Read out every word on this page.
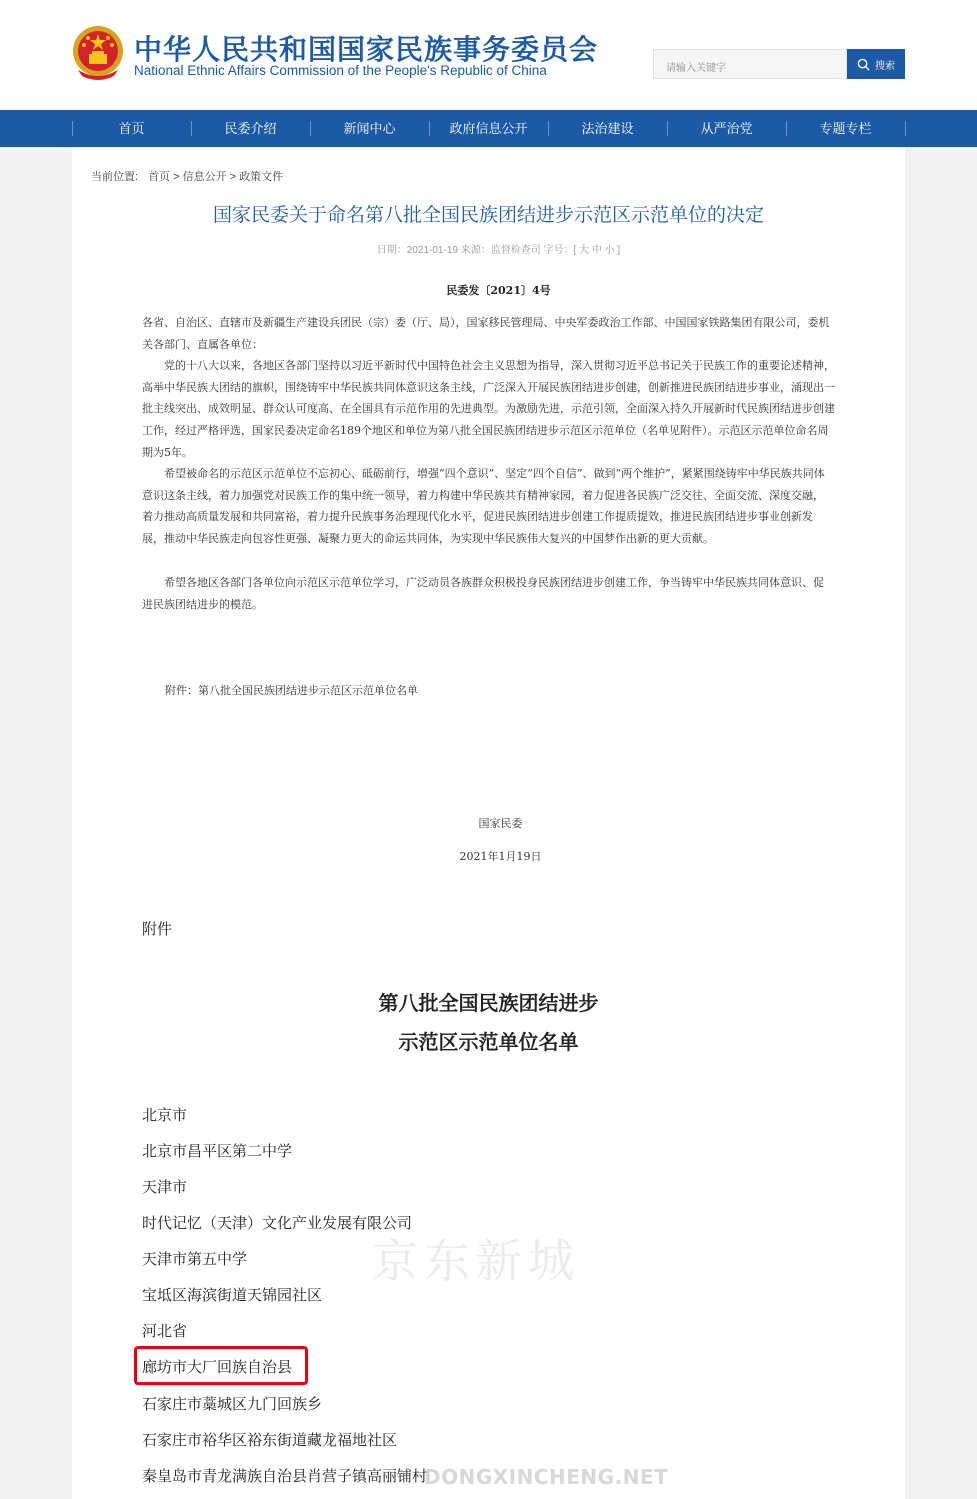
中华人民共和国国家民族事务委员会
National Ethnic Affairs Commission of the People's Republic of China	请输入关键字	搜索
首页	民委介绍	新闻中心	政府信息公开	法治建设	从严治党	专题专栏
当前位置: 首页 > 信息公开 > 政策文件
国家民委关于命名第八批全国民族团结进步示范区示范单位的决定
日期：2021-01-19 来源：监督检查司 字号：[ 大 中 小 ]
民委发〔2021〕4号
各省、自治区、直辖市及新疆生产建设兵团民（宗）委（厅、局），国家移民管理局、中央军委政治工作部、中国国家铁路集团有限公司，委机关各部门、直属各单位：
党的十八大以来，各地区各部门坚持以习近平新时代中国特色社会主义思想为指导，深入贯彻习近平总书记关于民族工作的重要论述精神，高举中华民族大团结的旗帜，围绕铸牢中华民族共同体意识这条主线，广泛深入开展民族团结进步创建，创新推进民族团结进步事业，涌现出一批主线突出、成效明显、群众认可度高、在全国具有示范作用的先进典型。为激励先进，示范引领，全面深入持久开展新时代民族团结进步创建工作，经过严格评选，国家民委决定命名189个地区和单位为第八批全国民族团结进步示范区示范单位（名单见附件）。示范区示范单位命名周期为5年。
希望被命名的示范区示范单位不忘初心、砥砺前行，增强“四个意识”、坚定“四个自信”、做到“两个维护”，紧紧围绕铸牢中华民族共同体意识这条主线，着力加强党对民族工作的集中统一领导，着力构建中华民族共有精神家园，着力促进各民族广泛交往、全面交流、深度交融，着力推动高质量发展和共同富裕，着力提升民族事务治理现代化水平，促进民族团结进步创建工作提质提效，推进民族团结进步事业创新发展，推动中华民族走向包容性更强、凝聚力更大的命运共同体，为实现中华民族伟大复兴的中国梦作出新的更大贡献。
希望各地区各部门各单位向示范区示范单位学习，广泛动员各族群众积极投身民族团结进步创建工作，争当铸牢中华民族共同体意识、促进民族团结进步的模范。
附件：第八批全国民族团结进步示范区示范单位名单
国家民委
2021年1月19日
附件
第八批全国民族团结进步
示范区示范单位名单
北京市
北京市昌平区第二中学
天津市
时代记忆（天津）文化产业发展有限公司
天津市第五中学
宝坻区海滨街道天锦园社区
河北省
廊坊市大厂回族自治县
石家庄市藁城区九门回族乡
石家庄市裕华区裕东街道藏龙福地社区
秦皇岛市青龙满族自治县肖营子镇高丽铺村
京东新城
DONGXINCHENG.NET
